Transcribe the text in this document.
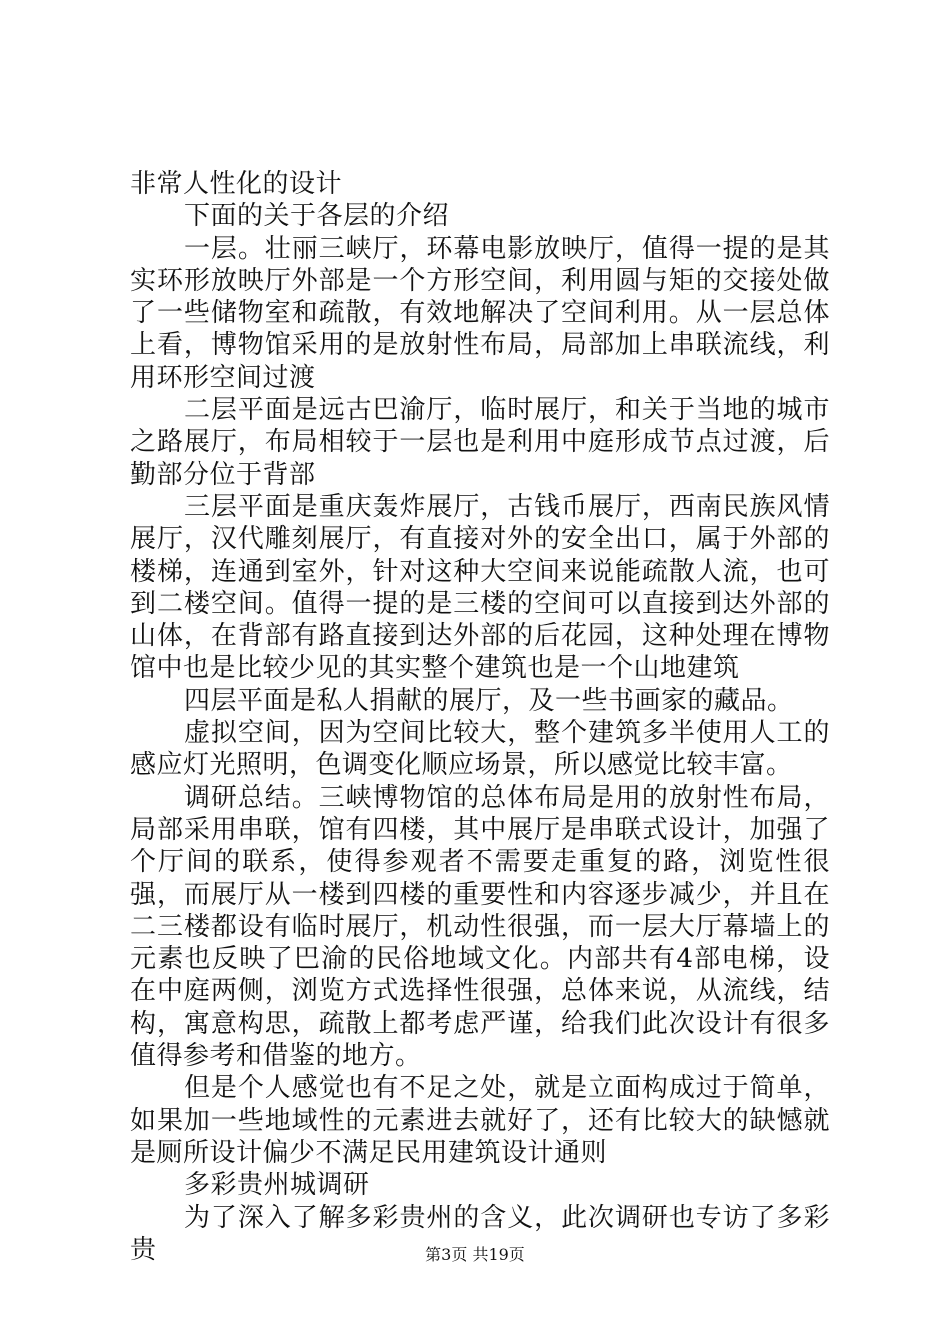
非常人性化的设计

下面的关于各层的介绍

一层。壮丽三峡厅，环幕电影放映厅，值得一提的是其实环形放映厅外部是一个方形空间，利用圆与矩的交接处做了一些储物室和疏散，有效地解决了空间利用。从一层总体上看，博物馆采用的是放射性布局，局部加上串联流线，利用环形空间过渡

二层平面是远古巴渝厅，临时展厅，和关于当地的城市之路展厅，布局相较于一层也是利用中庭形成节点过渡，后勤部分位于背部

三层平面是重庆轰炸展厅，古钱币展厅，西南民族风情展厅，汉代雕刻展厅，有直接对外的安全出口，属于外部的楼梯，连通到室外，针对这种大空间来说能疏散人流，也可到二楼空间。值得一提的是三楼的空间可以直接到达外部的山体，在背部有路直接到达外部的后花园，这种处理在博物馆中也是比较少见的其实整个建筑也是一个山地建筑

四层平面是私人捐献的展厅，及一些书画家的藏品。

虚拟空间，因为空间比较大，整个建筑多半使用人工的感应灯光照明，色调变化顺应场景，所以感觉比较丰富。

调研总结。三峡博物馆的总体布局是用的放射性布局，局部采用串联，馆有四楼，其中展厅是串联式设计，加强了个厅间的联系，使得参观者不需要走重复的路，浏览性很强，而展厅从一楼到四楼的重要性和内容逐步减少，并且在二三楼都设有临时展厅，机动性很强，而一层大厅幕墙上的元素也反映了巴渝的民俗地域文化。内部共有4部电梯，设在中庭两侧，浏览方式选择性很强，总体来说，从流线，结构，寓意构思，疏散上都考虑严谨，给我们此次设计有很多值得参考和借鉴的地方。

但是个人感觉也有不足之处，就是立面构成过于简单，如果加一些地域性的元素进去就好了，还有比较大的缺憾就是厕所设计偏少不满足民用建筑设计通则

多彩贵州城调研

为了深入了解多彩贵州的含义，此次调研也专访了多彩贵	第3页 共19页
